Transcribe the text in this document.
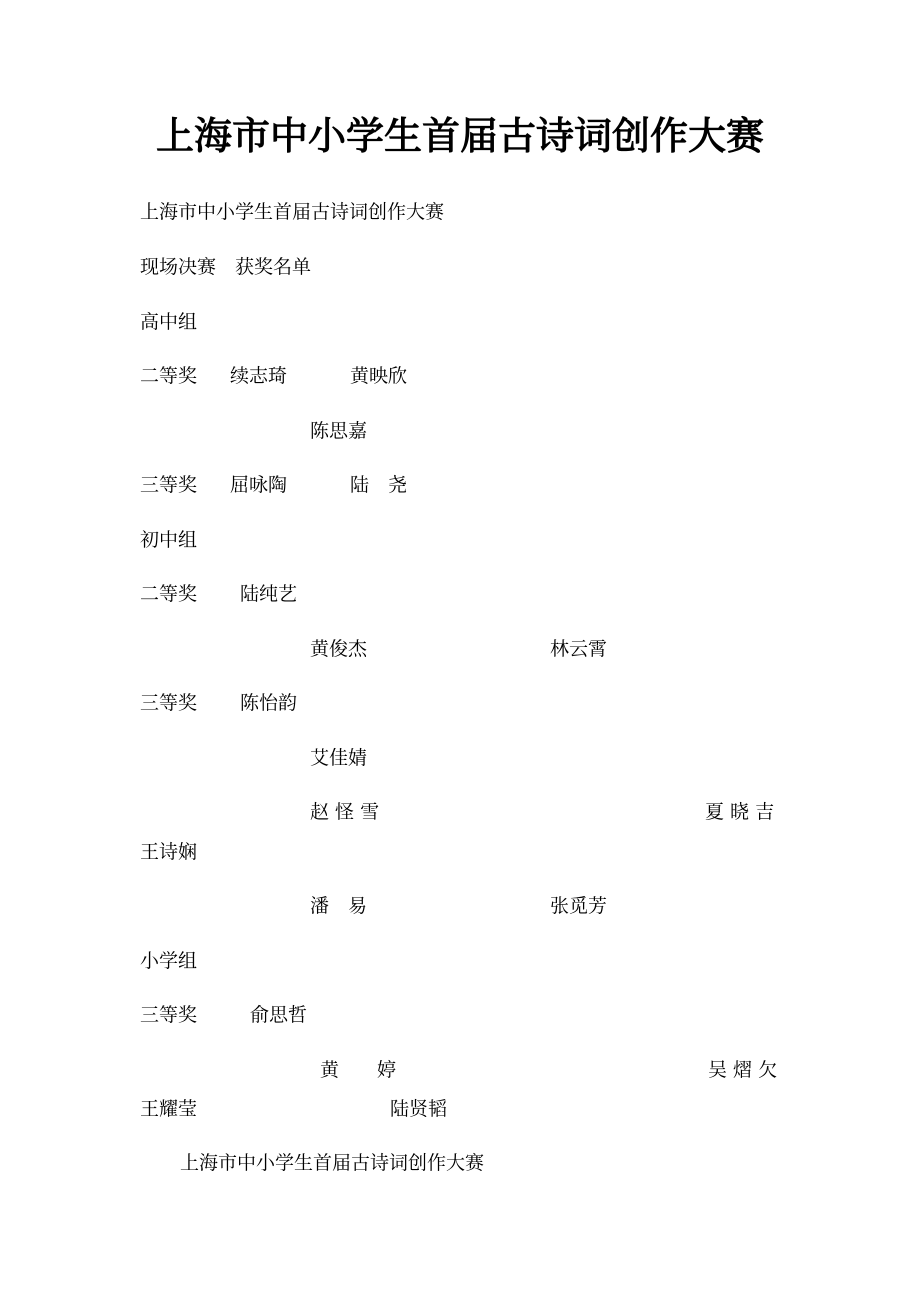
上海市中小学生首届古诗词创作大赛
上海市中小学生首届古诗词创作大赛
现场决赛　获奖名单
高中组
二等奖 续志琦	黄映欣
陈思嘉
三等奖 屈咏陶	陆　尧
初中组
二等奖 陆纯艺
黄俊杰	林云霄
三等奖 陈怡韵
艾佳婧
赵 怪 雪	夏 晓 吉
王诗娴
潘　易	张觅芳
小学组
三等奖	俞思哲
黄　　婷	吴 熠 欠
王耀莹	陆贤韬
上海市中小学生首届古诗词创作大赛
